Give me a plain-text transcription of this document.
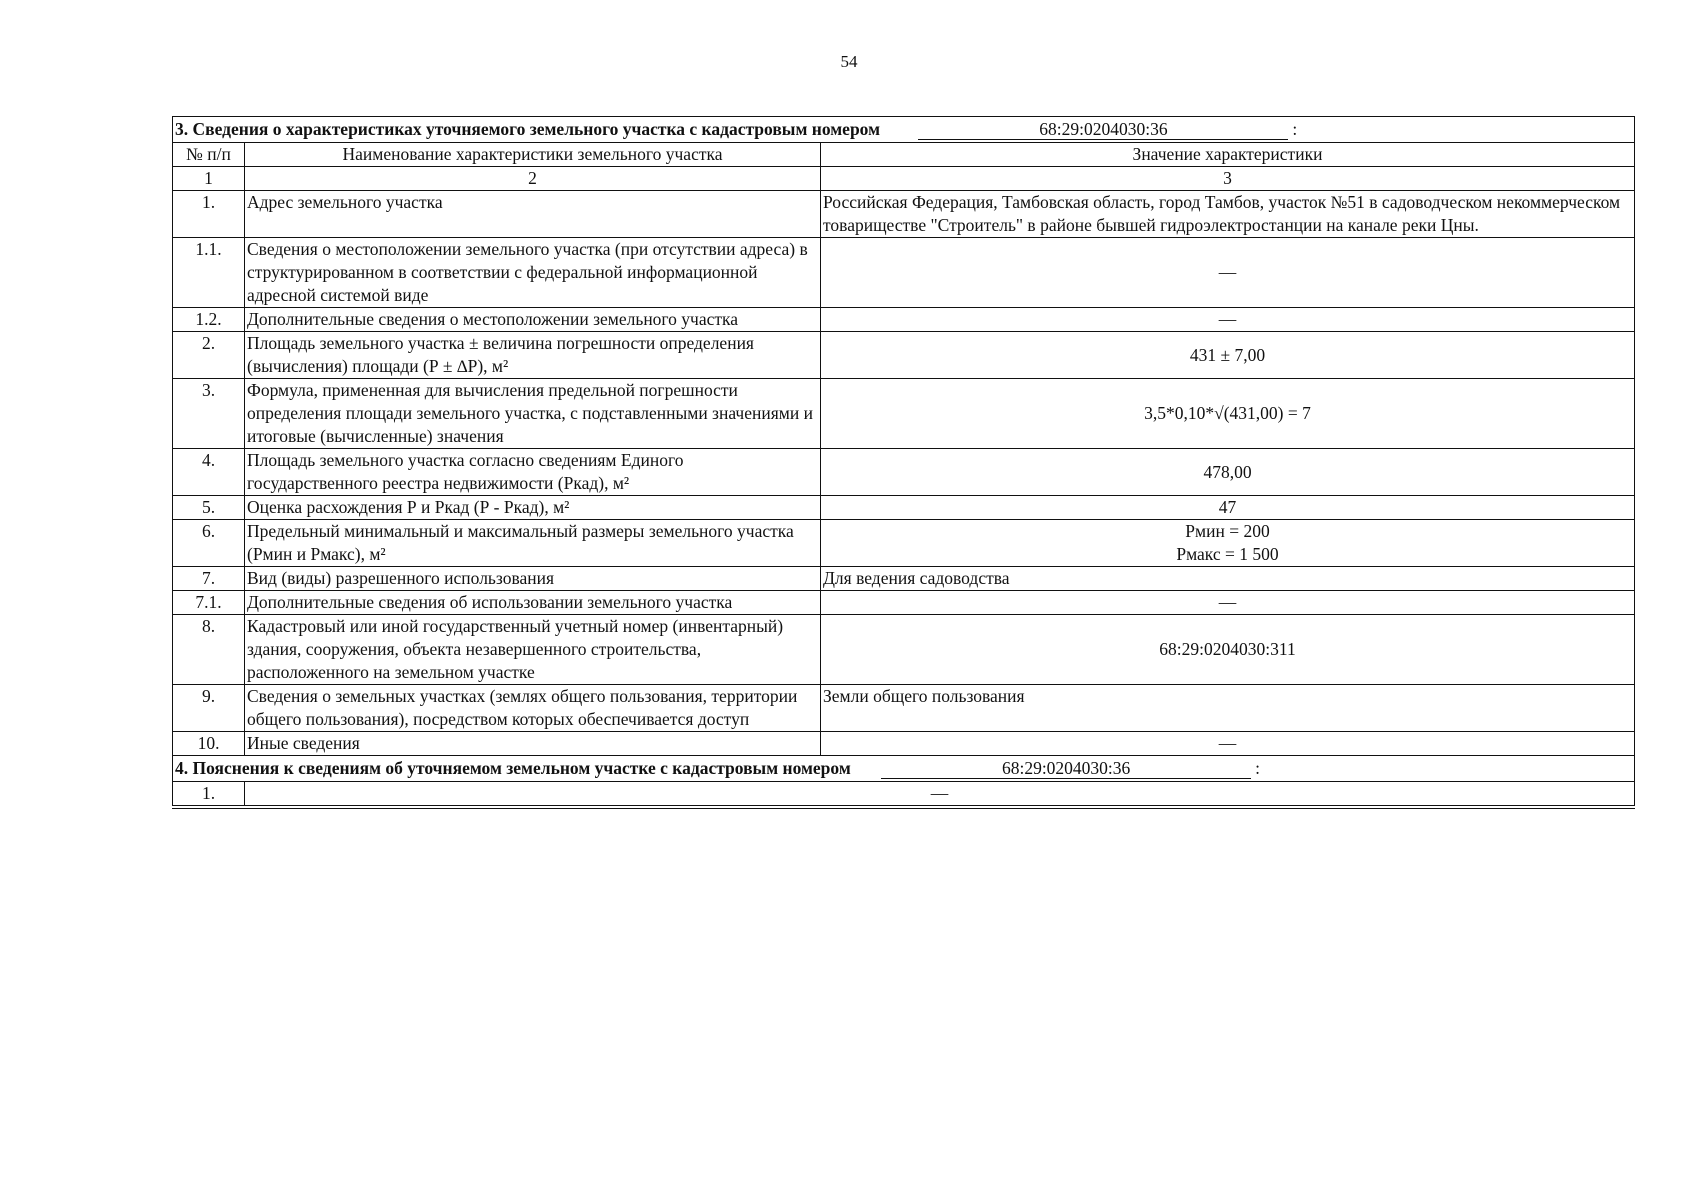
54
3. Сведения о характеристиках уточняемого земельного участка с кадастровым номером 68:29:0204030:36 :		
№ п/п	Наименование характеристики земельного участка	Значение характеристики
1	2	3
1.	Адрес земельного участка	Российская Федерация, Тамбовская область, город Тамбов, участок №51 в садоводческом некоммерческом товариществе "Строитель" в районе бывшей гидроэлектростанции на канале реки Цны.
1.1.	Сведения о местоположении земельного участка (при отсутствии адреса) в структурированном в соответствии с федеральной информационной адресной системой виде	—
1.2.	Дополнительные сведения о местоположении земельного участка	—
2.	Площадь земельного участка ± величина погрешности определения (вычисления) площади (Р ± ∆Р), м²	431 ± 7,00
3.	Формула, примененная для вычисления предельной погрешности определения площади земельного участка, с подставленными значениями и итоговые (вычисленные) значения	3,5*0,10*√(431,00) = 7
4.	Площадь земельного участка согласно сведениям Единого государственного реестра недвижимости (Ркад), м²	478,00
5.	Оценка расхождения Р и Ркад (Р - Ркад), м²	47
6.	Предельный минимальный и максимальный размеры земельного участка (Рмин и Рмакс), м²	Рмин = 200
Рмакс = 1 500

7.	Вид (виды) разрешенного использования	Для ведения садоводства
7.1.	Дополнительные сведения об использовании земельного участка	—
8.	Кадастровый или иной государственный учетный номер (инвентарный) здания, сооружения, объекта незавершенного строительства, расположенного на земельном участке	68:29:0204030:311
9.	Сведения о земельных участках (землях общего пользования, территории общего пользования), посредством которых обеспечивается доступ	Земли общего пользования
10.	Иные сведения	—
4. Пояснения к сведениям об уточняемом земельном участке с кадастровым номером 68:29:0204030:36 :		
1.	—	
